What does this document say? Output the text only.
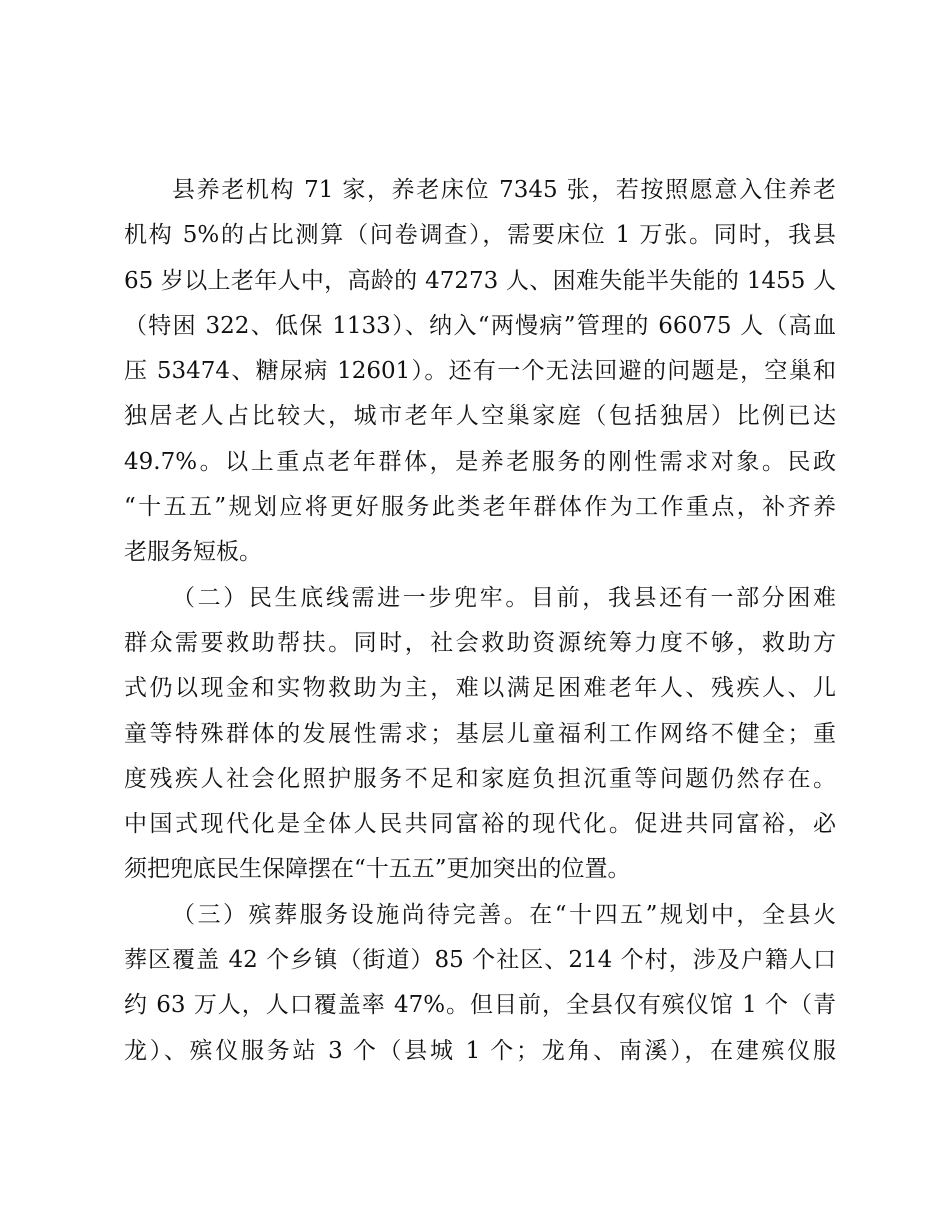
县养老机构 71 家，养老床位 7345 张，若按照愿意入住养老
机构 5%的占比测算（问卷调查），需要床位 1 万张。同时，我县
65 岁以上老年人中，高龄的 47273 人、困难失能半失能的 1455 人
（特困 322、低保 1133）、纳入“两慢病”管理的 66075 人（高血
压 53474、糖尿病 12601）。还有一个无法回避的问题是，空巢和
独居老人占比较大，城市老年人空巢家庭（包括独居）比例已达
49.7%。以上重点老年群体，是养老服务的刚性需求对象。民政
“十五五”规划应将更好服务此类老年群体作为工作重点，补齐养
老服务短板。
（二）民生底线需进一步兜牢。目前，我县还有一部分困难
群众需要救助帮扶。同时，社会救助资源统筹力度不够，救助方
式仍以现金和实物救助为主，难以满足困难老年人、残疾人、儿
童等特殊群体的发展性需求；基层儿童福利工作网络不健全；重
度残疾人社会化照护服务不足和家庭负担沉重等问题仍然存在。
中国式现代化是全体人民共同富裕的现代化。促进共同富裕，必
须把兜底民生保障摆在“十五五”更加突出的位置。
（三）殡葬服务设施尚待完善。在“十四五”规划中，全县火
葬区覆盖 42 个乡镇（街道）85 个社区、214 个村，涉及户籍人口
约 63 万人，人口覆盖率 47%。但目前，全县仅有殡仪馆 1 个（青
龙）、殡仪服务站 3 个（县城 1 个；龙角、南溪），在建殡仪服
